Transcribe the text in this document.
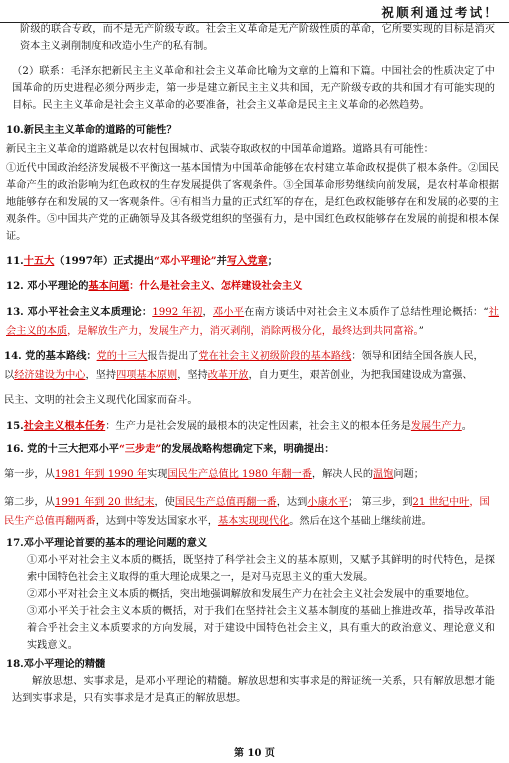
祝顺利通过考试！

阶级的联合专政，而不是无产阶级专政。社会主义革命是无产阶级性质的革命，它所要实现的目标是消灭资本主义剥削制度和改造小生产的私有制。

（2）联系：毛泽东把新民主主义革命和社会主义革命比喻为文章的上篇和下篇。中国社会的性质决定了中国革命的历史进程必须分两步走，第一步是建立新民主主义共和国，无产阶级专政的共和国才有可能实现的目标。民主主义革命是社会主义革命的必要准备，社会主义革命是民主主义革命的必然趋势。

10.新民主主义革命的道路的可能性？

新民主主义革命的道路就是以农村包围城市、武装夺取政权的中国革命道路。道路具有可能性：

①近代中国政治经济发展极不平衡这一基本国情为中国革命能够在农村建立革命政权提供了根本条件。②国民革命产生的政治影响为红色政权的生存发展提供了客观条件。③全国革命形势继续向前发展，是农村革命根据地能够存在和发展的又一客观条件。④有相当力量的正式红军的存在，是红色政权能够存在和发展的必要的主观条件。⑤中国共产党的正确领导及其各级党组织的坚强有力，是中国红色政权能够存在发展的前提和根本保证。

11.十五大（1997年）正式提出“邓小平理论”并写入党章；

12. 邓小平理论的基本问题：什么是社会主义、怎样建设社会主义

13. 邓小平社会主义本质理论：1992 年初，邓小平在南方谈话中对社会主义本质作了总结性理论概括：“社会主义的本质，是解放生产力，发展生产力，消灭剥削，消除两极分化，最终达到共同富裕。”

14. 党的基本路线：党的十三大报告提出了党在社会主义初级阶段的基本路线：领导和团结全国各族人民，
以经济建设为中心，坚持四项基本原则，坚持改革开放，自力更生，艰苦创业，为把我国建设成为富强、

民主、文明的社会主义现代化国家而奋斗。

15.社会主义根本任务：生产力是社会发展的最根本的决定性因素，社会主义的根本任务是发展生产力。

16. 党的十三大把邓小平“三步走”的发展战略构想确定下来，明确提出：

第一步，从1981 年到 1990 年实现国民生产总值比 1980 年翻一番，解决人民的温饱问题；

第二步，从1991 年到 20 世纪末，使国民生产总值再翻一番，达到小康水平； 第三步，到21 世纪中叶，国
民生产总值再翻两番，达到中等发达国家水平，基本实现现代化。然后在这个基础上继续前进。

17.邓小平理论首要的基本的理论问题的意义

①邓小平对社会主义本质的概括，既坚持了科学社会主义的基本原则，又赋予其鲜明的时代特色，是探索中国特色社会主义取得的重大理论成果之一，是对马克思主义的重大发展。

②邓小平对社会主义本质的概括，突出地强调解放和发展生产力在社会主义社会发展中的重要地位。

③邓小平关于社会主义本质的概括，对于我们在坚持社会主义基本制度的基础上推进改革，指导改革沿着合乎社会主义本质要求的方向发展，对于建设中国特色社会主义，具有重大的政治意义、理论意义和实践意义。

18.邓小平理论的精髓

解放思想、实事求是，是邓小平理论的精髓。解放思想和实事求是的辩证统一关系，只有解放思想才能达到实事求是，只有实事求是才是真正的解放思想。

第 10 页
